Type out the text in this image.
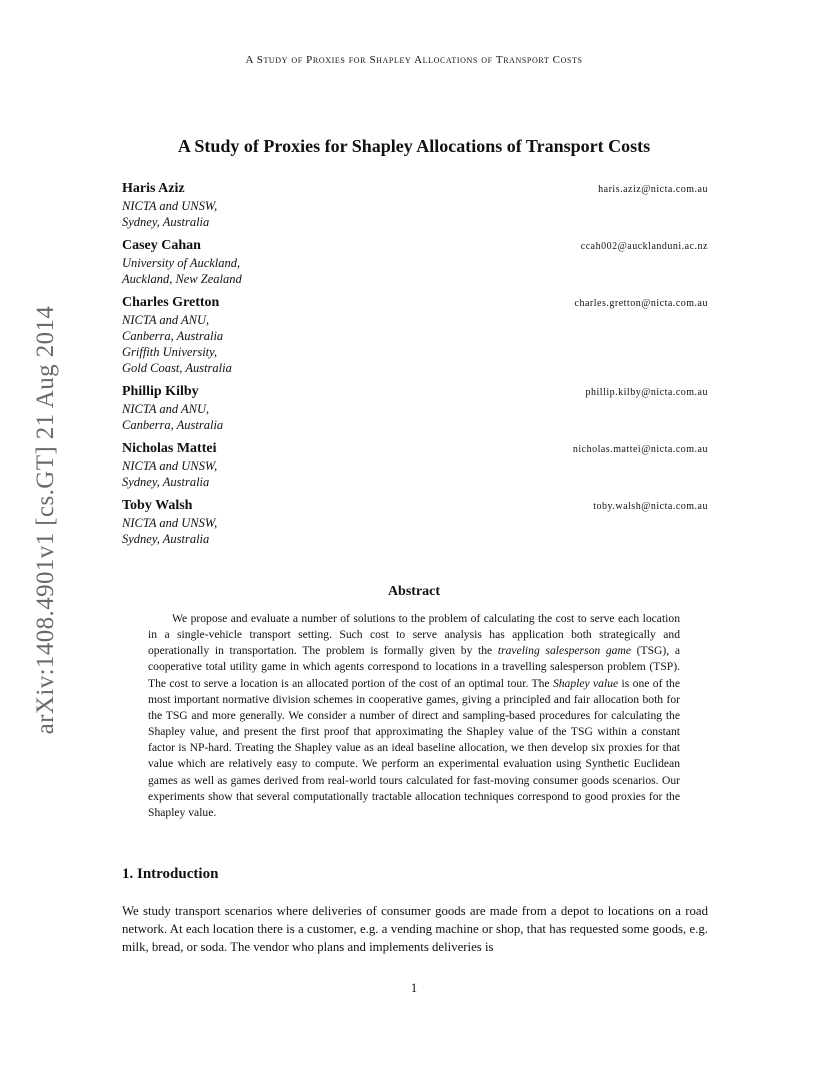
A Study of Proxies for Shapley Allocations of Transport Costs
arXiv:1408.4901v1 [cs.GT] 21 Aug 2014
A Study of Proxies for Shapley Allocations of Transport Costs
Haris Aziz	haris.aziz@nicta.com.au
NICTA and UNSW,
Sydney, Australia
Casey Cahan	ccah002@aucklanduni.ac.nz
University of Auckland,
Auckland, New Zealand
Charles Gretton	charles.gretton@nicta.com.au
NICTA and ANU,
Canberra, Australia
Griffith University,
Gold Coast, Australia
Phillip Kilby	phillip.kilby@nicta.com.au
NICTA and ANU,
Canberra, Australia
Nicholas Mattei	nicholas.mattei@nicta.com.au
NICTA and UNSW,
Sydney, Australia
Toby Walsh	toby.walsh@nicta.com.au
NICTA and UNSW,
Sydney, Australia
Abstract

We propose and evaluate a number of solutions to the problem of calculating the cost to serve each location in a single-vehicle transport setting. Such cost to serve analysis has application both strategically and operationally in transportation. The problem is formally given by the traveling salesperson game (TSG), a cooperative total utility game in which agents correspond to locations in a travelling salesperson problem (TSP). The cost to serve a location is an allocated portion of the cost of an optimal tour. The Shapley value is one of the most important normative division schemes in cooperative games, giving a principled and fair allocation both for the TSG and more generally. We consider a number of direct and sampling-based procedures for calculating the Shapley value, and present the first proof that approximating the Shapley value of the TSG within a constant factor is NP-hard. Treating the Shapley value as an ideal baseline allocation, we then develop six proxies for that value which are relatively easy to compute. We perform an experimental evaluation using Synthetic Euclidean games as well as games derived from real-world tours calculated for fast-moving consumer goods scenarios. Our experiments show that several computationally tractable allocation techniques correspond to good proxies for the Shapley value.

1. Introduction

We study transport scenarios where deliveries of consumer goods are made from a depot to locations on a road network. At each location there is a customer, e.g. a vending machine or shop, that has requested some goods, e.g. milk, bread, or soda. The vendor who plans and implements deliveries is

1
